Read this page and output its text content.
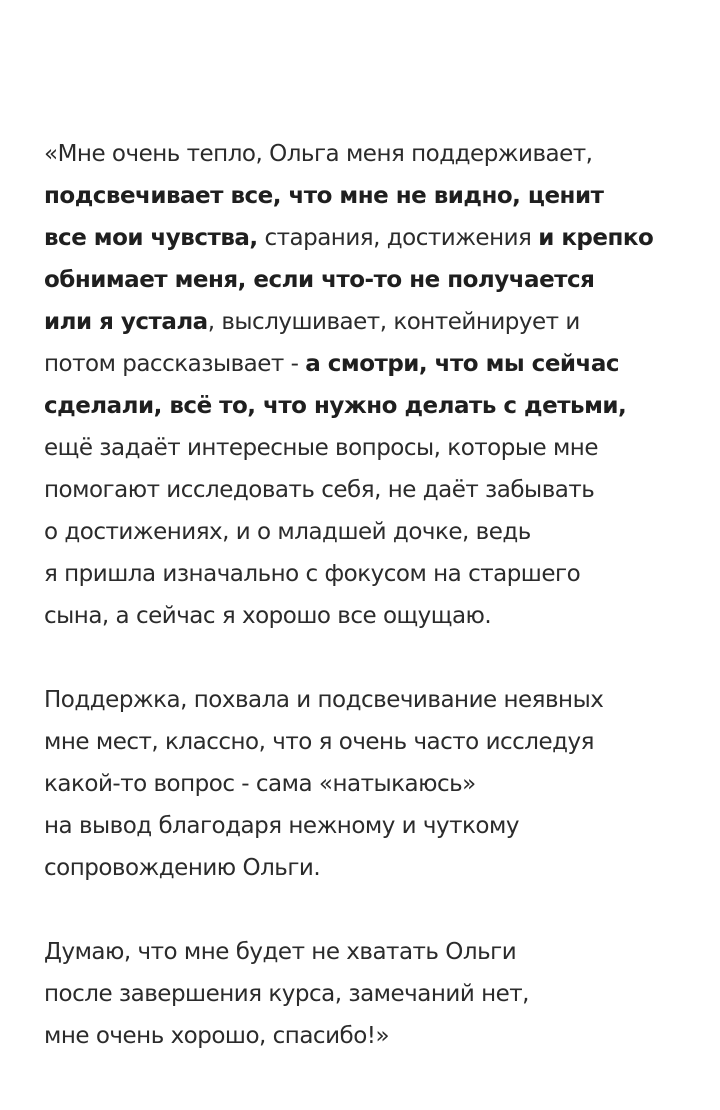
«Мне очень тепло, Ольга меня поддерживает,
подсвечивает все, что мне не видно, ценит
все мои чувства, старания, достижения и крепко
обнимает меня, если что-то не получается
или я устала, выслушивает, контейнирует и
потом рассказывает - а смотри, что мы сейчас
сделали, всё то, что нужно делать с детьми,
ещё задаёт интересные вопросы, которые мне
помогают исследовать себя, не даёт забывать
о достижениях, и о младшей дочке, ведь
я пришла изначально с фокусом на старшего
сына, а сейчас я хорошо все ощущаю.
Поддержка, похвала и подсвечивание неявных
мне мест, классно, что я очень часто исследуя
какой-то вопрос - сама «натыкаюсь»
на вывод благодаря нежному и чуткому
сопровождению Ольги.
Думаю, что мне будет не хватать Ольги
после завершения курса, замечаний нет,
мне очень хорошо, спасибо!»
